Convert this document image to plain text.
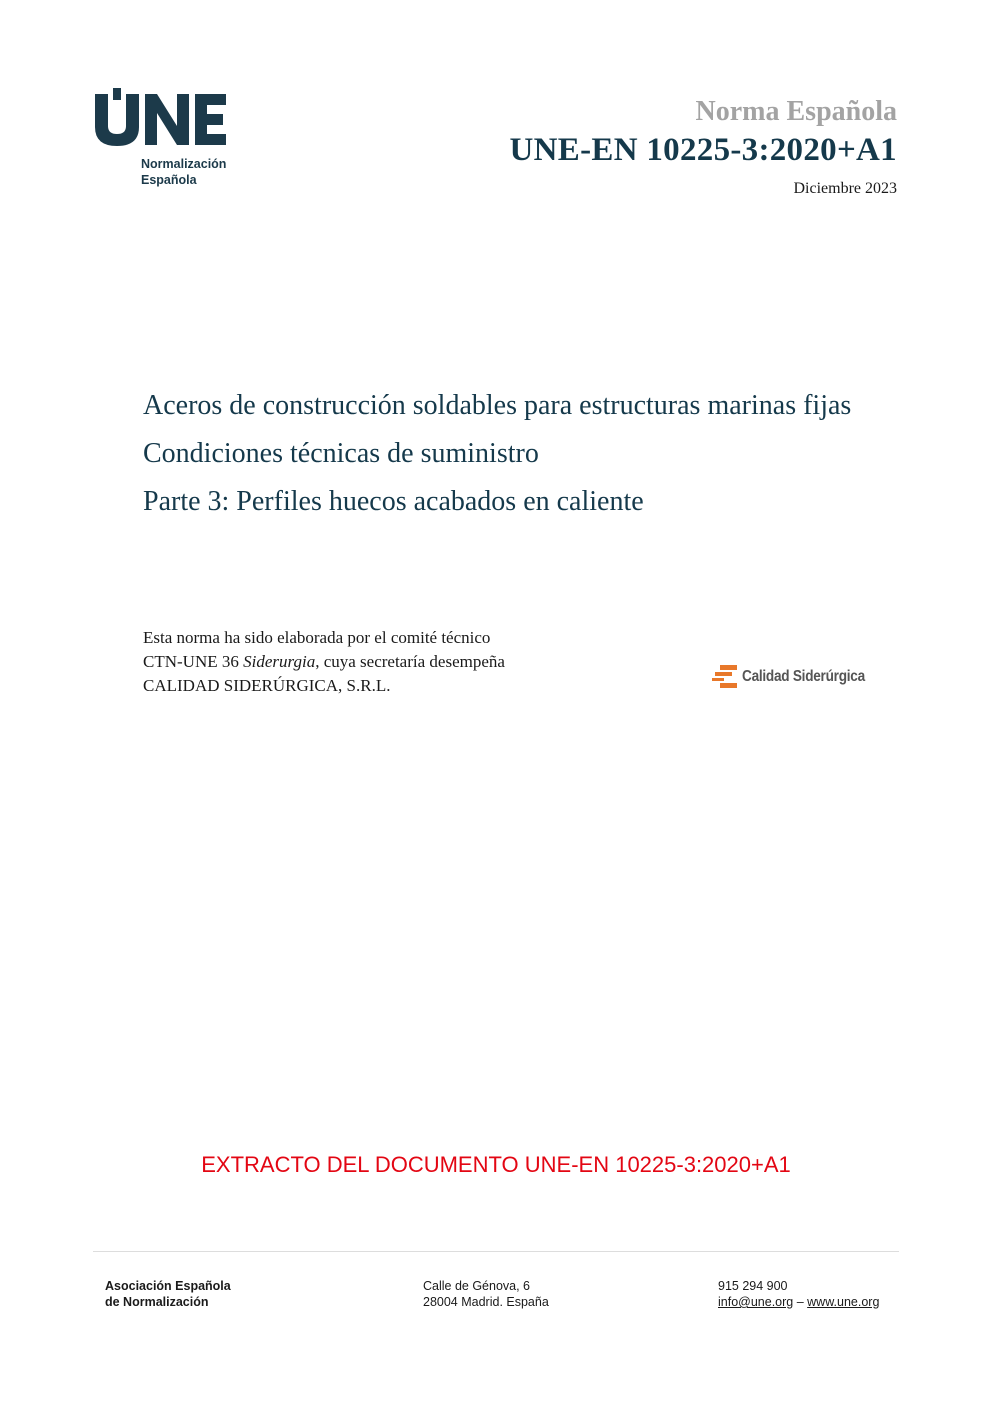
Normalización
Española
Norma Española
UNE-EN 10225-3:2020+A1
Diciembre 2023
Aceros de construcción soldables para estructuras marinas fijas
Condiciones técnicas de suministro
Parte 3: Perfiles huecos acabados en caliente
Esta norma ha sido elaborada por el comité técnico
CTN-UNE 36 Siderurgia, cuya secretaría desempeña
CALIDAD SIDERÚRGICA, S.R.L.	Calidad Siderúrgica
EXTRACTO DEL DOCUMENTO UNE-EN 10225-3:2020+A1
Asociación Española
de Normalización
Calle de Génova, 6
28004 Madrid. España
915 294 900
info@une.org – www.une.org
